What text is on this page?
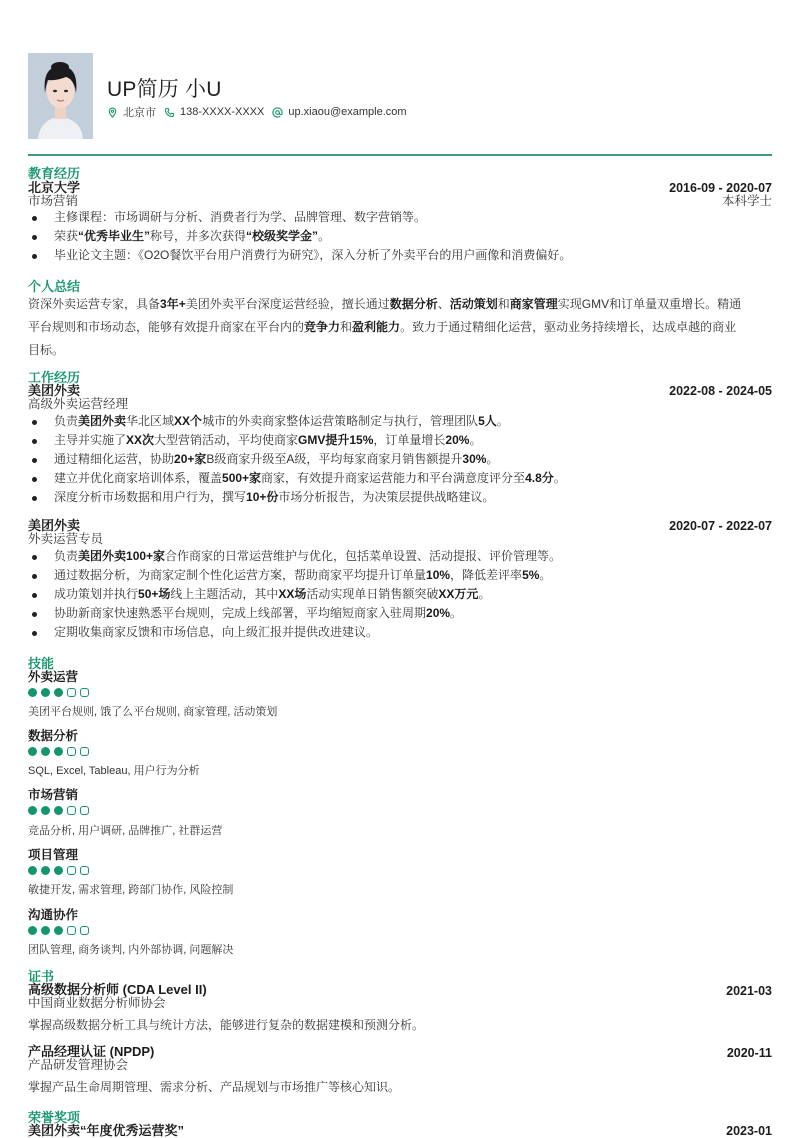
UP简历 小U
北京市 138-XXXX-XXXX up.xiaou@example.com
教育经历
北京大学
市场营销
2016-09 - 2020-07
本科学士
主修课程：市场调研与分析、消费者行为学、品牌管理、数字营销等。
荣获“优秀毕业生”称号，并多次获得“校级奖学金”。
毕业论文主题：《O2O餐饮平台用户消费行为研究》，深入分析了外卖平台的用户画像和消费偏好。
个人总结
资深外卖运营专家，具备3年+美团外卖平台深度运营经验，擅长通过数据分析、活动策划和商家管理实现GMV和订单量双重增长。精通
平台规则和市场动态，能够有效提升商家在平台内的竞争力和盈利能力。致力于通过精细化运营，驱动业务持续增长，达成卓越的商业
目标。
工作经历
美团外卖
高级外卖运营经理
2022-08 - 2024-05
负责美团外卖华北区域XX个城市的外卖商家整体运营策略制定与执行，管理团队5人。
主导并实施了XX次大型营销活动，平均使商家GMV提升15%，订单量增长20%。
通过精细化运营，协助20+家B级商家升级至A级，平均每家商家月销售额提升30%。
建立并优化商家培训体系，覆盖500+家商家，有效提升商家运营能力和平台满意度评分至4.8分。
深度分析市场数据和用户行为，撰写10+份市场分析报告，为决策层提供战略建议。
美团外卖
外卖运营专员
2020-07 - 2022-07
负责美团外卖100+家合作商家的日常运营维护与优化，包括菜单设置、活动提报、评价管理等。
通过数据分析，为商家定制个性化运营方案，帮助商家平均提升订单量10%，降低差评率5%。
成功策划并执行50+场线上主题活动，其中XX场活动实现单日销售额突破XX万元。
协助新商家快速熟悉平台规则，完成上线部署，平均缩短商家入驻周期20%。
定期收集商家反馈和市场信息，向上级汇报并提供改进建议。
技能
外卖运营
美团平台规则, 饿了么平台规则, 商家管理, 活动策划
数据分析
SQL, Excel, Tableau, 用户行为分析
市场营销
竞品分析, 用户调研, 品牌推广, 社群运营
项目管理
敏捷开发, 需求管理, 跨部门协作, 风险控制
沟通协作
团队管理, 商务谈判, 内外部协调, 问题解决
证书
高级数据分析师 (CDA Level II)
中国商业数据分析师协会
2021-03
掌握高级数据分析工具与统计方法，能够进行复杂的数据建模和预测分析。
产品经理认证 (NPDP)
产品研发管理协会
2020-11
掌握产品生命周期管理、需求分析、产品规划与市场推广等核心知识。
荣誉奖项
美团外卖“年度优秀运营奖”	2023-01
